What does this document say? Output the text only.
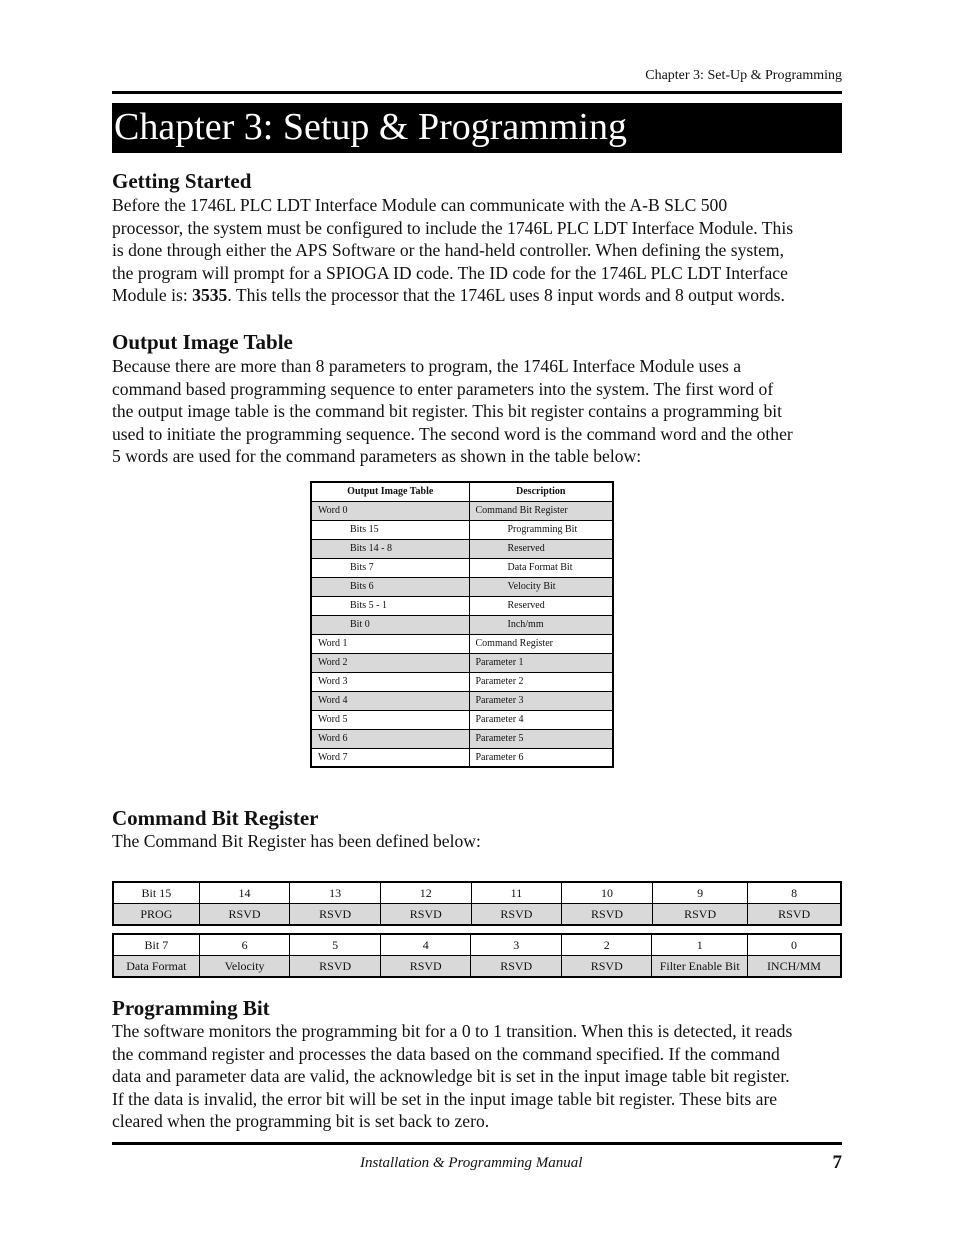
Chapter 3: Set-Up & Programming
Chapter 3: Setup & Programming
Getting Started

Before the 1746L PLC LDT Interface Module can communicate with the A-B SLC 500
processor, the system must be configured to include the 1746L PLC LDT Interface Module. This
is done through either the APS Software or the hand-held controller. When defining the system,
the program will prompt for a SPIOGA ID code. The ID code for the 1746L PLC LDT Interface
Module is: 3535. This tells the processor that the 1746L uses 8 input words and 8 output words.

Output Image Table

Because there are more than 8 parameters to program, the 1746L Interface Module uses a
command based programming sequence to enter parameters into the system. The first word of
the output image table is the command bit register. This bit register contains a programming bit
used to initiate the programming sequence. The second word is the command word and the other
5 words are used for the command parameters as shown in the table below:

Output Image Table	Description
Word 0	Command Bit Register
Bits 15	Programming Bit
Bits 14 - 8	Reserved
Bits 7	Data Format Bit
Bits 6	Velocity Bit
Bits 5 - 1	Reserved
Bit 0	Inch/mm
Word 1	Command Register
Word 2	Parameter 1
Word 3	Parameter 2
Word 4	Parameter 3
Word 5	Parameter 4
Word 6	Parameter 5
Word 7	Parameter 6
Command Bit Register

The Command Bit Register has been defined below:

Bit 15	14	13	12	11	10	9	8
PROG	RSVD	RSVD	RSVD	RSVD	RSVD	RSVD	RSVD
Bit 7	6	5	4	3	2	1	0
Data Format	Velocity	RSVD	RSVD	RSVD	RSVD	Filter Enable Bit	INCH/MM
Programming Bit

The software monitors the programming bit for a 0 to 1 transition. When this is detected, it reads
the command register and processes the data based on the command specified. If the command
data and parameter data are valid, the acknowledge bit is set in the input image table bit register.
If the data is invalid, the error bit will be set in the input image table bit register. These bits are
cleared when the programming bit is set back to zero.

Installation & Programming Manual	7
